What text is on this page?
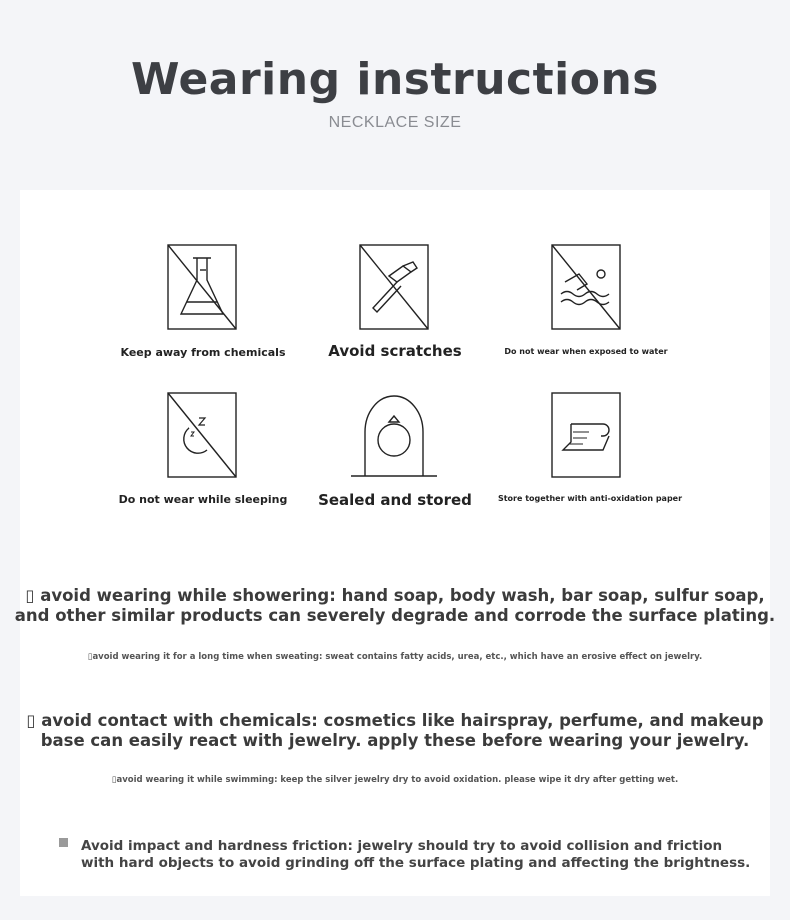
Wearing instructions
NECKLACE SIZE
Keep away from chemicals	Avoid scratches	Do not wear when exposed to water
Do not wear while sleeping	Sealed and stored	Store together with anti-oxidation paper
▯ avoid wearing while showering: hand soap, body wash, bar soap, sulfur soap,
and other similar products can severely degrade and corrode the surface plating.
▯avoid wearing it for a long time when sweating: sweat contains fatty acids, urea, etc., which have an erosive effect on jewelry.
▯ avoid contact with chemicals: cosmetics like hairspray, perfume, and makeup
base can easily react with jewelry. apply these before wearing your jewelry.
▯avoid wearing it while swimming: keep the silver jewelry dry to avoid oxidation. please wipe it dry after getting wet.
Avoid impact and hardness friction: jewelry should try to avoid collision and friction
with hard objects to avoid grinding off the surface plating and affecting the brightness.
